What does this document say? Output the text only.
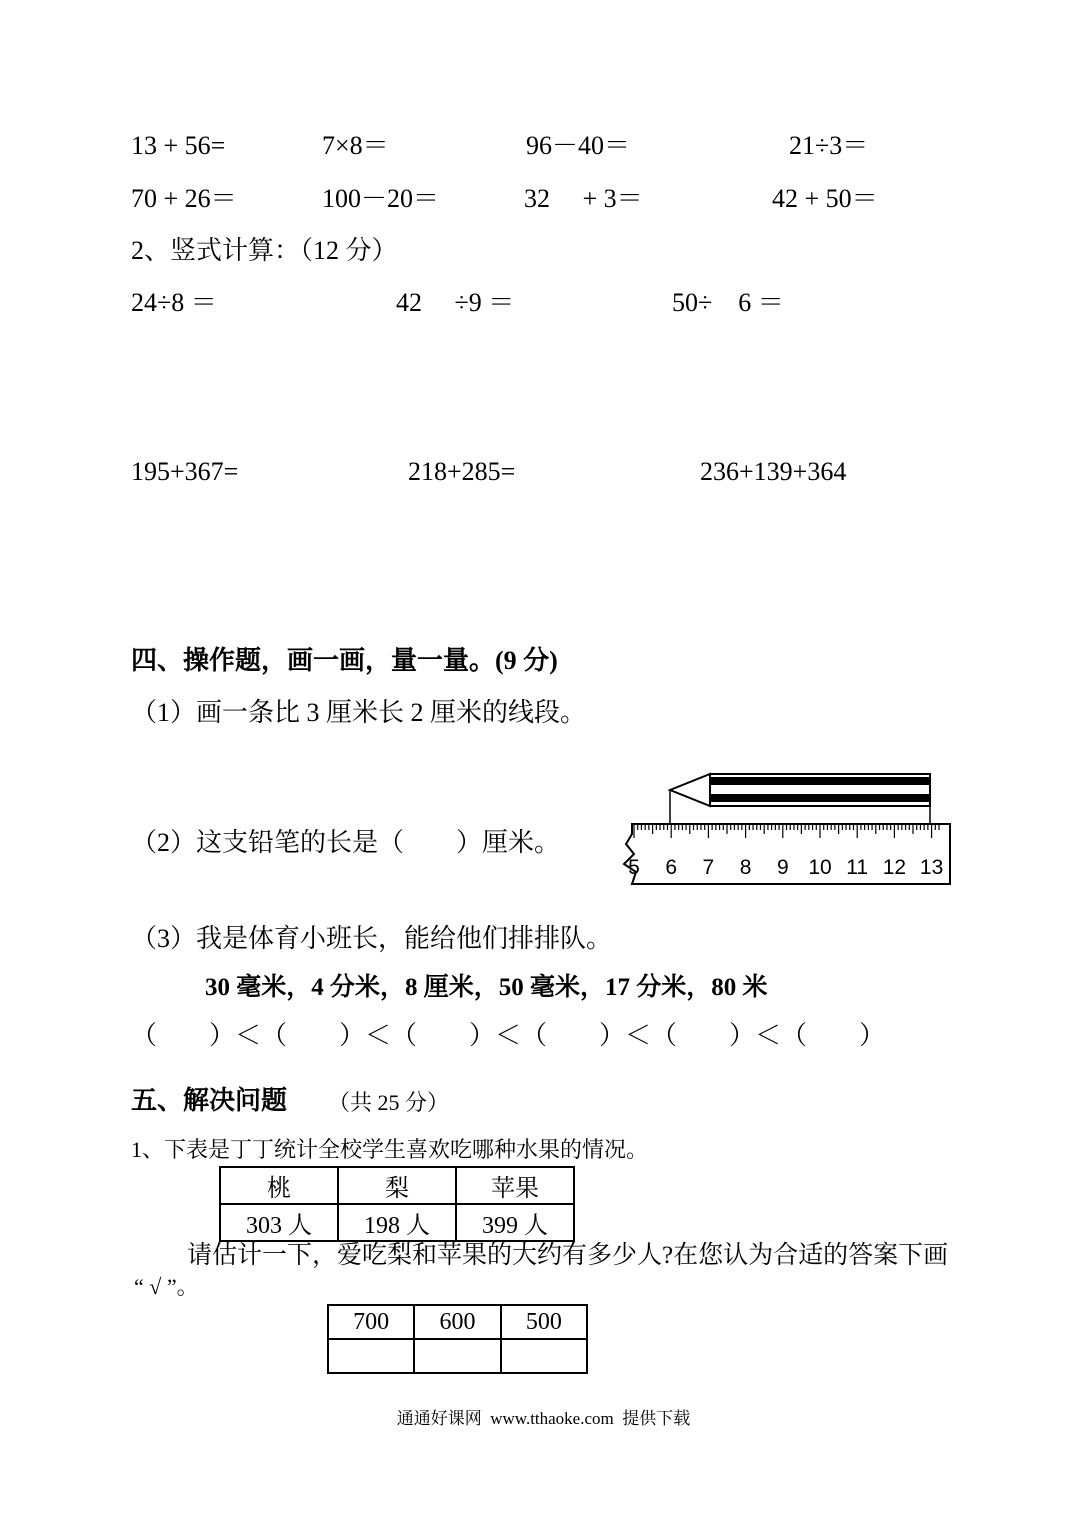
13 + 56=	7×8＝	96－40＝	21÷3＝
70 + 26＝	100－20＝	32 　+ 3＝	42 + 50＝
2、竖式计算：（12 分）
24÷8 ＝	42 　÷9 ＝	50÷　6 ＝
195+367=	218+285=	236+139+364
四、操作题，画一画，量一量。(9 分)
（1）画一条比 3 厘米长 2 厘米的线段。
（2）这支铅笔的长是（　　）厘米。
5 6 7 8 9 10 11 12 13
（3）我是体育小班长，能给他们排排队。
30 毫米，4 分米，8 厘米，50 毫米，17 分米，80 米
（　　）＜（　　）＜（　　）＜（　　）＜（　　）＜（　　）
五、解决问题 （共 25 分）
1、下表是丁丁统计全校学生喜欢吃哪种水果的情况。
桃	梨	苹果
303 人	198 人	399 人
请估计一下，爱吃梨和苹果的大约有多少人?在您认为合适的答案下画
“ √ ”。
700	600	500

通通好课网  www.tthaoke.com  提供下载
